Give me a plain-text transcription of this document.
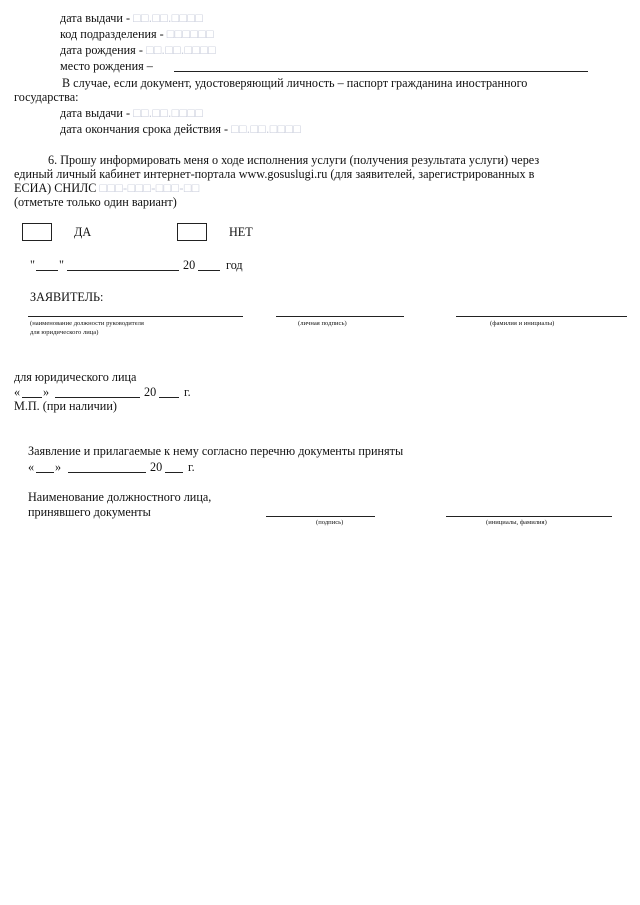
дата выдачи - □□.□□.□□□□
код подразделения - □□□□□□
дата рождения - □□.□□.□□□□
место рождения –
В случае, если документ, удостоверяющий личность – паспорт гражданина иностранного
государства:
дата выдачи - □□.□□.□□□□
дата окончания срока действия - □□.□□.□□□□
6. Прошу информировать меня о ходе исполнения услуги (получения результата услуги) через
единый личный кабинет интернет-портала www.gosuslugi.ru (для заявителей, зарегистрированных в
ЕСИА) СНИЛС □□□-□□□-□□□-□□
(отметьте только один вариант)
ДА	НЕТ
" "	20	год
ЗАЯВИТЕЛЬ:
(наименование должности руководителя
для юридического лица)
(личная подпись)	(фамилия и инициалы)
для юридического лица
« »	20 г.
М.П. (при наличии)
Заявление и прилагаемые к нему согласно перечню документы приняты
« »	20 г.
Наименование должностного лица,
принявшего документы
(подпись)	(инициалы, фамилия)
